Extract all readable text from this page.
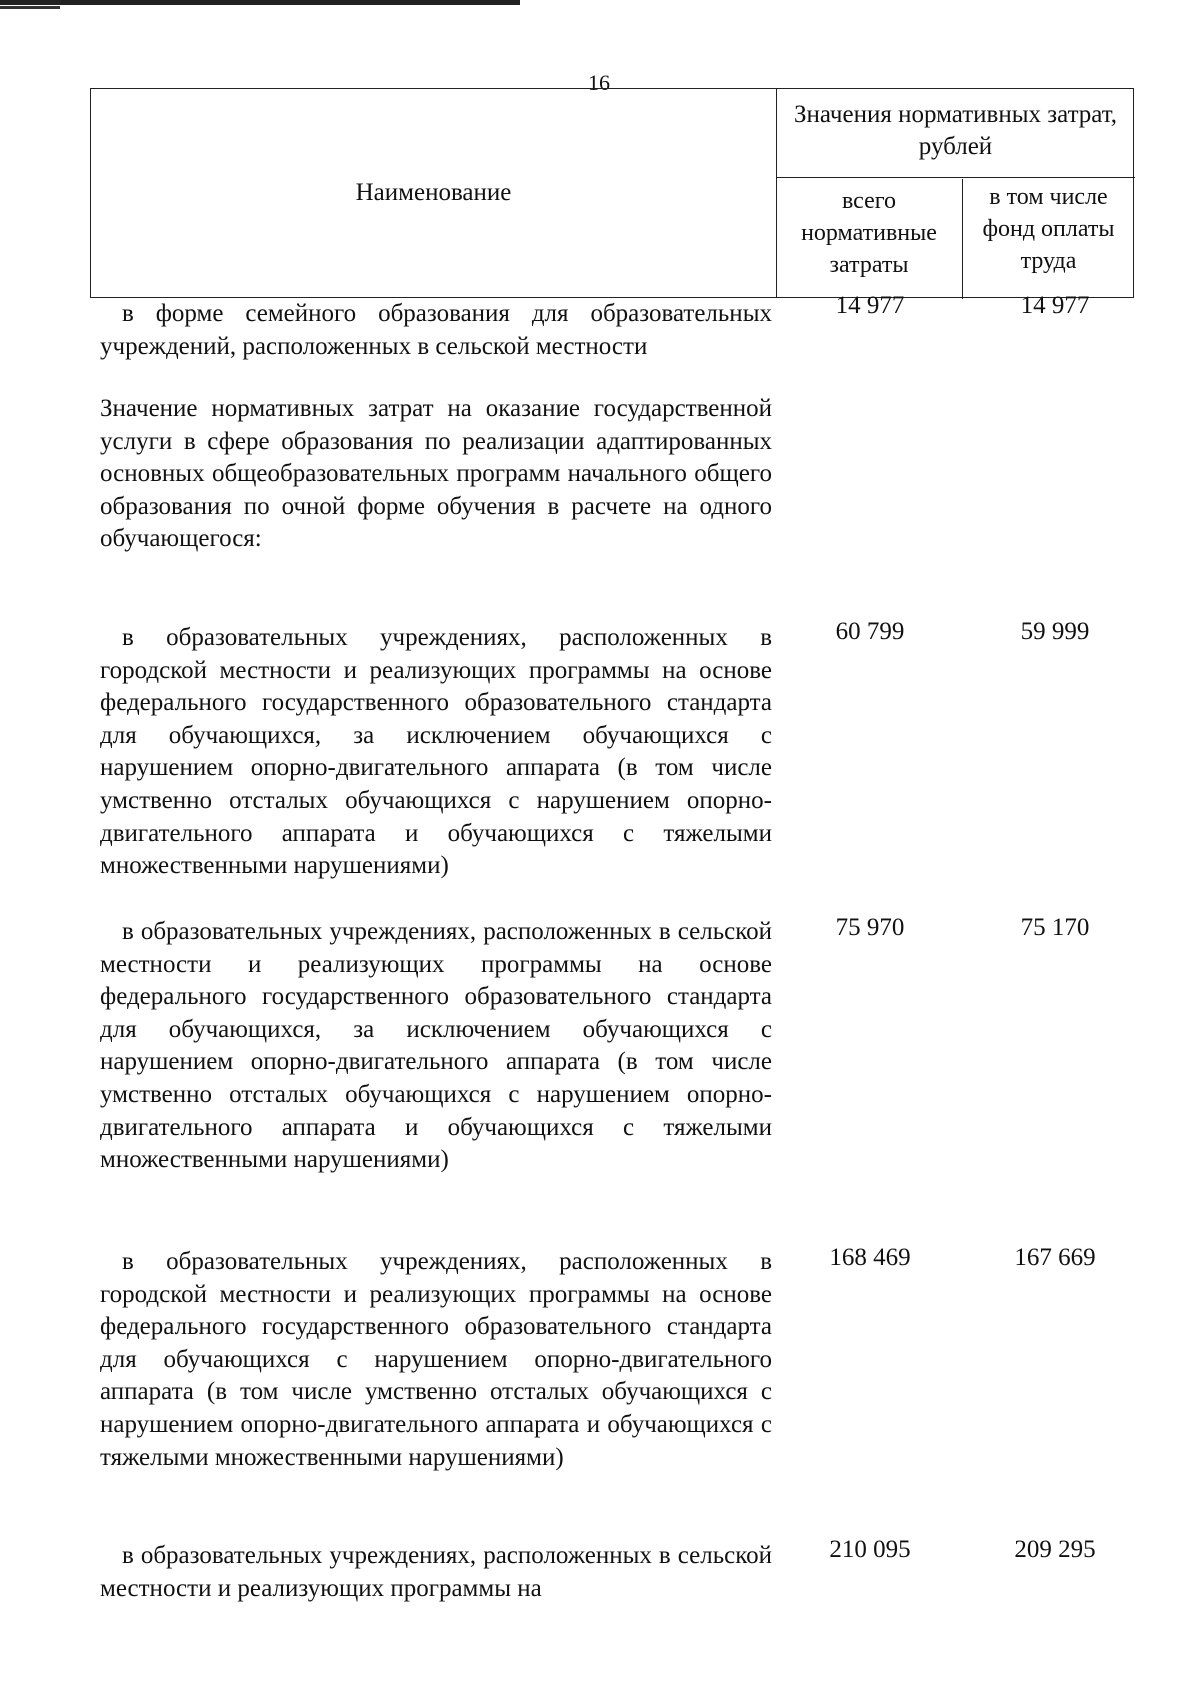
16
Наименование
Значения нормативных затрат, рублей
всего нормативные затраты
в том числе фонд оплаты труда
в форме семейного образования для образовательных учреждений, расположенных в сельской местности
14 977	14 977
Значение нормативных затрат на оказание государственной услуги в сфере образования по реализации адаптированных основных общеобразовательных программ начального общего образования по очной форме обучения в расчете на одного обучающегося:
в образовательных учреждениях, расположенных в городской местности и реализующих программы на основе федерального государственного образовательного стандарта для обучающихся, за исключением обучающихся с нарушением опорно-двигательного аппарата (в том числе умственно отсталых обучающихся с нарушением опорно-двигательного аппарата и обучающихся с тяжелыми множественными нарушениями)
60 799	59 999
в образовательных учреждениях, расположенных в сельской местности и реализующих программы на основе федерального государственного образовательного стандарта для обучающихся, за исключением обучающихся с нарушением опорно-двигательного аппарата (в том числе умственно отсталых обучающихся с нарушением опорно-двигательного аппарата и обучающихся с тяжелыми множественными нарушениями)
75 970	75 170
в образовательных учреждениях, расположенных в городской местности и реализующих программы на основе федерального государственного образовательного стандарта для обучающихся с нарушением опорно-двигательного аппарата (в том числе умственно отсталых обучающихся с нарушением опорно-двигательного аппарата и обучающихся с тяжелыми множественными нарушениями)
168 469	167 669
в образовательных учреждениях, расположенных в сельской местности и реализующих программы на
210 095	209 295
